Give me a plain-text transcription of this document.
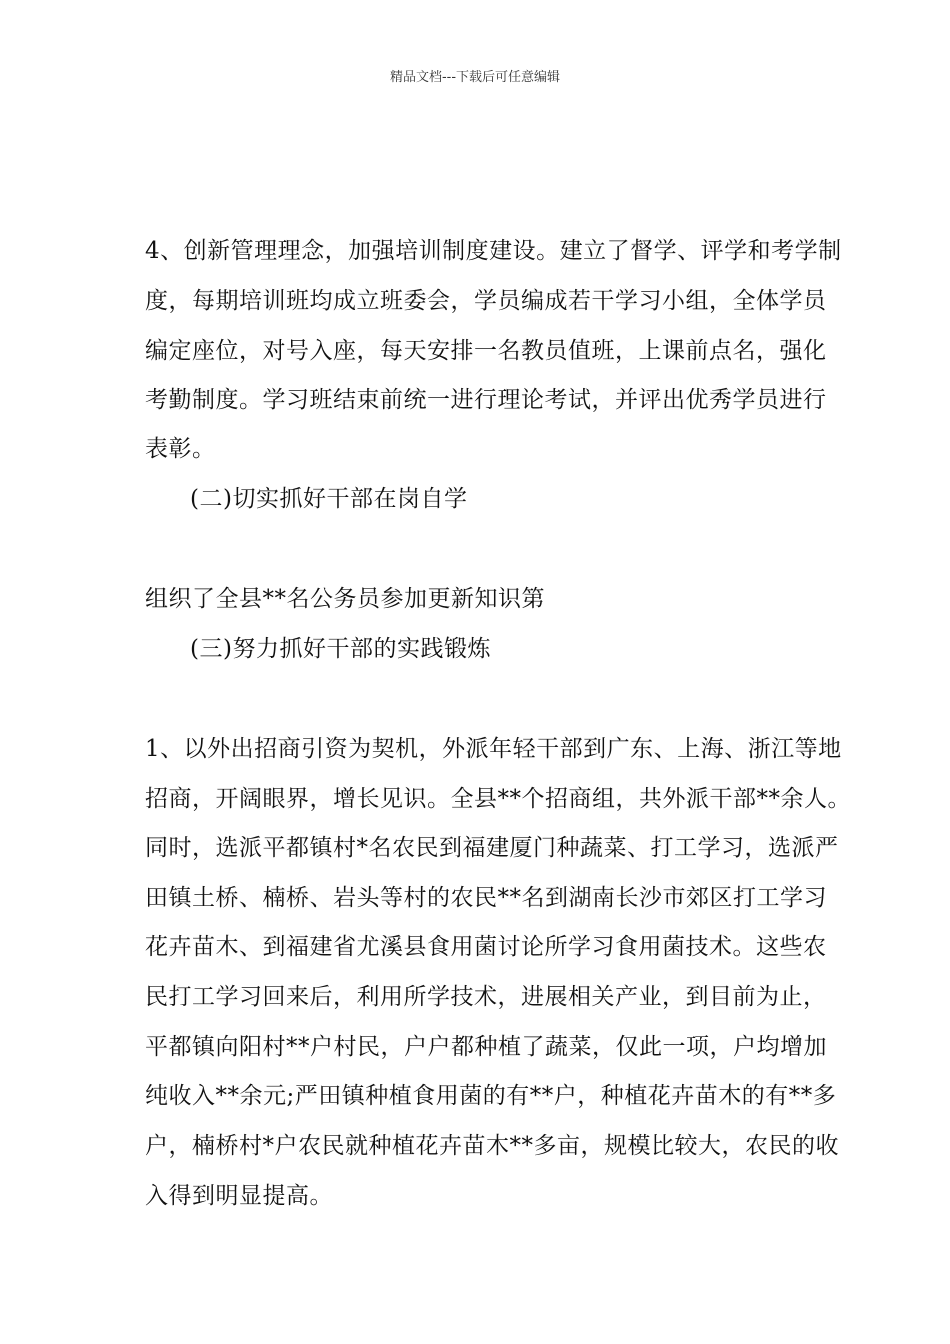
精品文档---下载后可任意编辑
4、创新管理理念，加强培训制度建设。建立了督学、评学和考学制
度，每期培训班均成立班委会，学员编成若干学习小组，全体学员
编定座位，对号入座，每天安排一名教员值班，上课前点名，强化
考勤制度。学习班结束前统一进行理论考试，并评出优秀学员进行
表彰。
(二)切实抓好干部在岗自学
组织了全县**名公务员参加更新知识第
(三)努力抓好干部的实践锻炼
1、以外出招商引资为契机，外派年轻干部到广东、上海、浙江等地
招商，开阔眼界，增长见识。全县**个招商组，共外派干部**余人。
同时，选派平都镇村*名农民到福建厦门种蔬菜、打工学习，选派严
田镇土桥、楠桥、岩头等村的农民**名到湖南长沙市郊区打工学习
花卉苗木、到福建省尤溪县食用菌讨论所学习食用菌技术。这些农
民打工学习回来后，利用所学技术，进展相关产业，到目前为止，
平都镇向阳村**户村民，户户都种植了蔬菜，仅此一项，户均增加
纯收入**余元;严田镇种植食用菌的有**户，种植花卉苗木的有**多
户，楠桥村*户农民就种植花卉苗木**多亩，规模比较大，农民的收
入得到明显提高。
